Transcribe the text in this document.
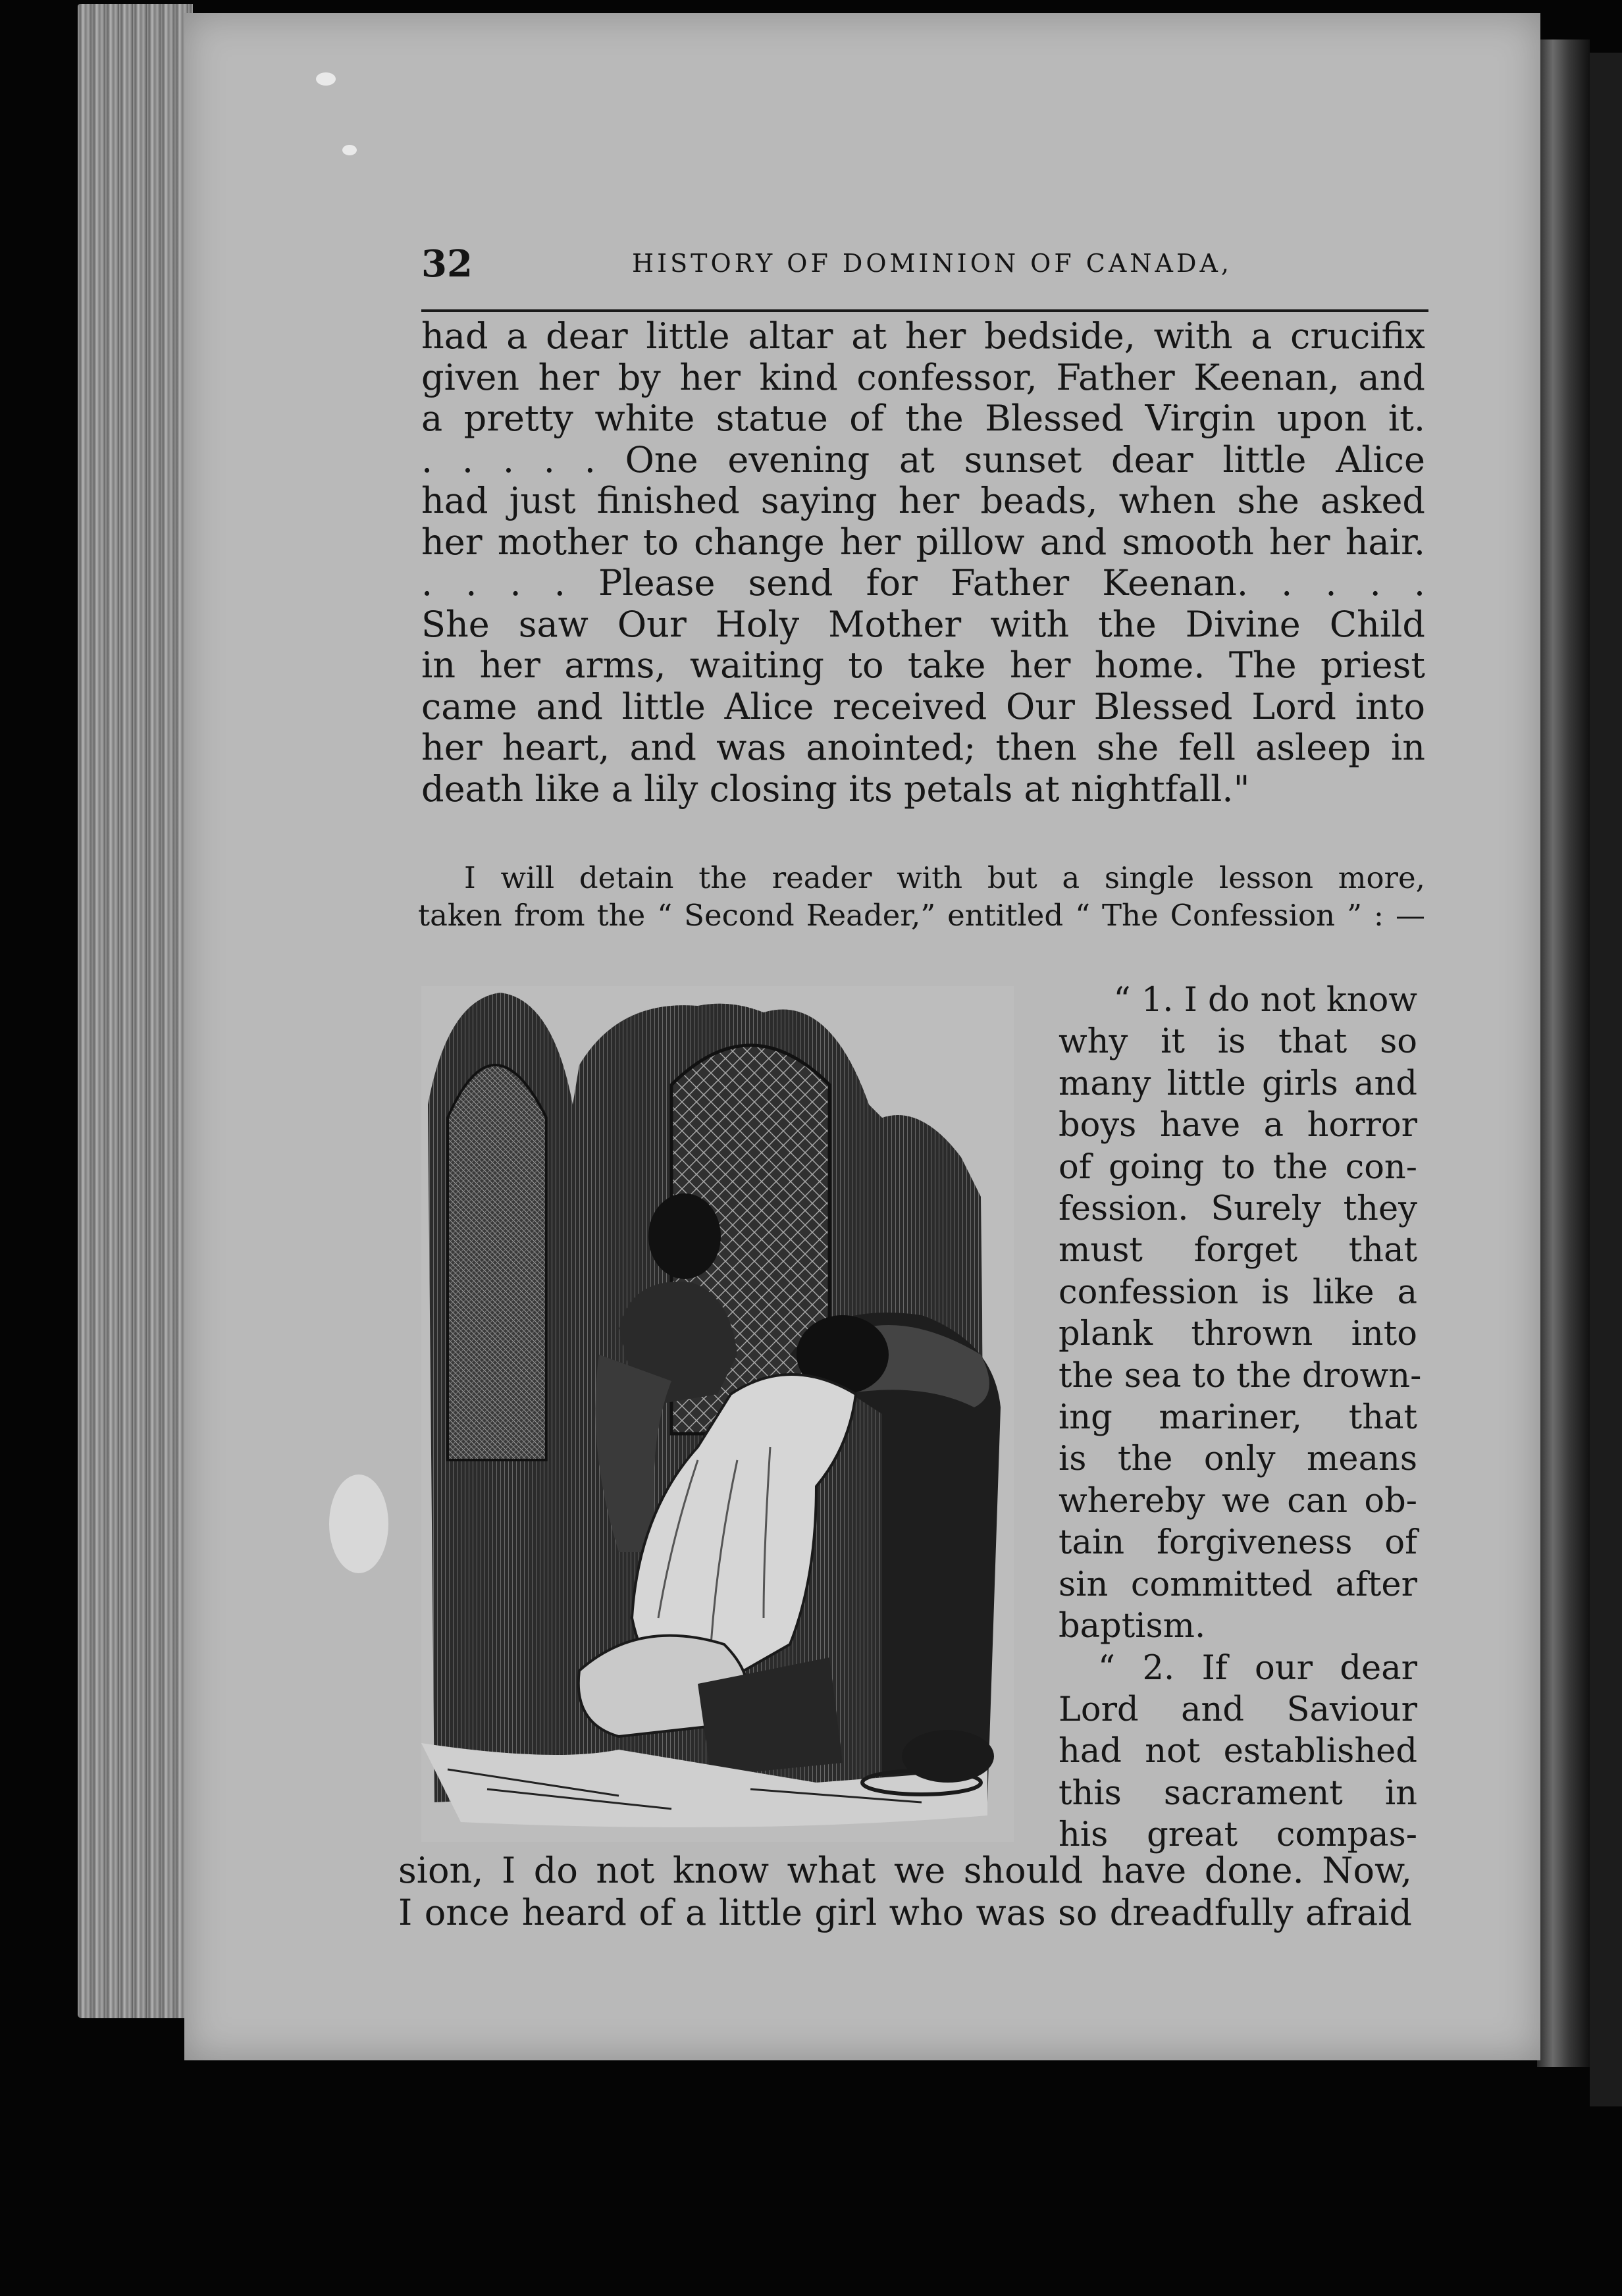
32	HISTORY OF DOMINION OF CANADA,
had a dear little altar at her bedside, with a crucifix
given her by her kind confessor, Father Keenan, and
a pretty white statue of the Blessed Virgin upon it.
. . . . . One evening at sunset dear little Alice
had just finished saying her beads, when she asked
her mother to change her pillow and smooth her hair.
. . . . Please send for Father Keenan. . . . .
She saw Our Holy Mother with the Divine Child
in her arms, waiting to take her home. The priest
came and little Alice received Our Blessed Lord into
her heart, and was anointed; then she fell asleep in
death like a lily closing its petals at nightfall."
I will detain the reader with but a single lesson more,
taken from the “ Second Reader,” entitled “ The Confession ” : —
“ 1. I do not know
why it is that so
many little girls and
boys have a horror
of going to the con-
fession. Surely they
must forget that
confession is like a
plank thrown into
the sea to the drown-
ing mariner, that
is the only means
whereby we can ob-
tain forgiveness of
sin committed after
baptism.
“ 2. If our dear
Lord and Saviour
had not established
this sacrament in
his great compas-
sion, I do not know what we should have done. Now,
I once heard of a little girl who was so dreadfully afraid
